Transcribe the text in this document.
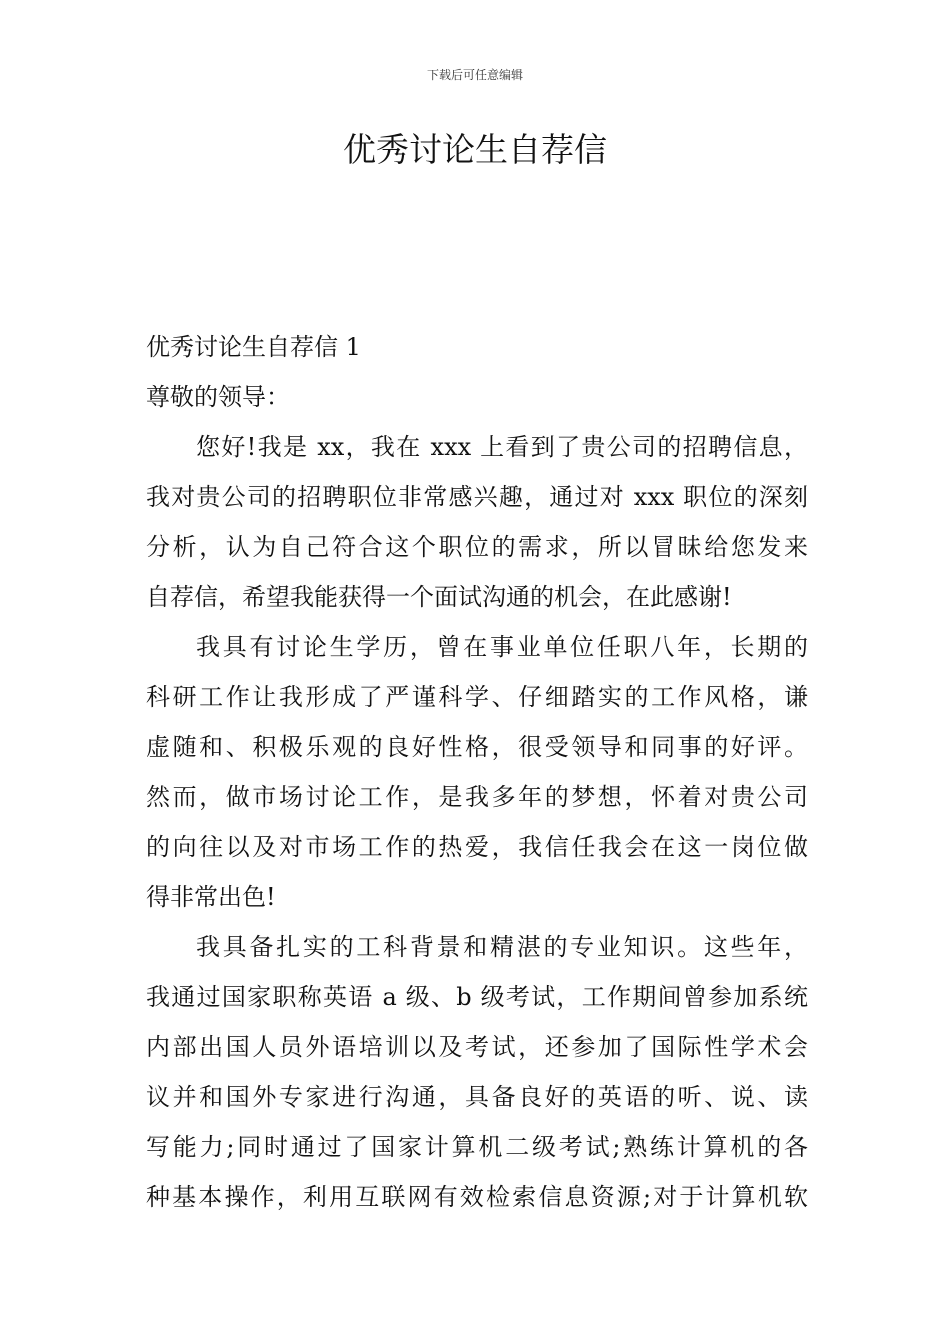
下载后可任意编辑
优秀讨论生自荐信
优秀讨论生自荐信 1
尊敬的领导：
您好!我是 xx，我在 xxx 上看到了贵公司的招聘信息，
我对贵公司的招聘职位非常感兴趣，通过对 xxx 职位的深刻
分析，认为自己符合这个职位的需求，所以冒昧给您发来
自荐信，希望我能获得一个面试沟通的机会，在此感谢!
我具有讨论生学历，曾在事业单位任职八年，长期的
科研工作让我形成了严谨科学、仔细踏实的工作风格，谦
虚随和、积极乐观的良好性格，很受领导和同事的好评。
然而，做市场讨论工作，是我多年的梦想，怀着对贵公司
的向往以及对市场工作的热爱，我信任我会在这一岗位做
得非常出色!
我具备扎实的工科背景和精湛的专业知识。这些年，
我通过国家职称英语 a 级、b 级考试，工作期间曾参加系统
内部出国人员外语培训以及考试，还参加了国际性学术会
议并和国外专家进行沟通，具备良好的英语的听、说、读
写能力;同时通过了国家计算机二级考试;熟练计算机的各
种基本操作，利用互联网有效检索信息资源;对于计算机软
